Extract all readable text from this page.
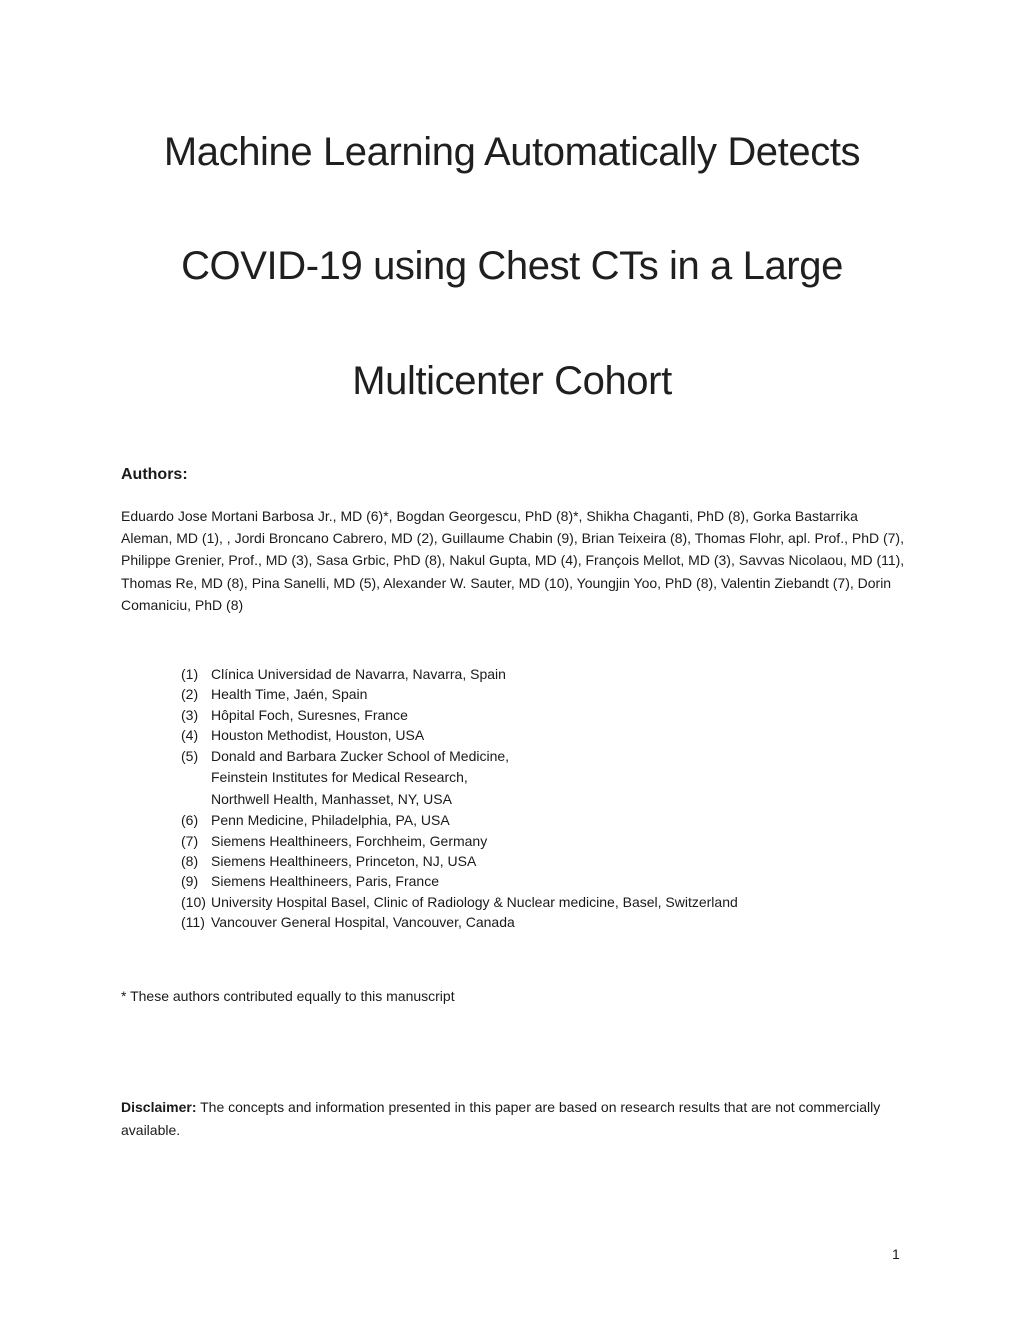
Machine Learning Automatically Detects
COVID-19 using Chest CTs in a Large
Multicenter Cohort

Authors:

Eduardo Jose Mortani Barbosa Jr., MD (6)*, Bogdan Georgescu, PhD (8)*, Shikha Chaganti, PhD (8), Gorka Bastarrika Aleman, MD (1), , Jordi Broncano Cabrero, MD (2), Guillaume Chabin (9), Brian Teixeira (8), Thomas Flohr, apl. Prof., PhD (7), Philippe Grenier, Prof., MD (3), Sasa Grbic, PhD (8), Nakul Gupta, MD (4), François Mellot, MD (3), Savvas Nicolaou, MD (11), Thomas Re, MD (8), Pina Sanelli, MD (5), Alexander W. Sauter, MD (10), Youngjin Yoo, PhD (8), Valentin Ziebandt (7), Dorin Comaniciu, PhD (8)

(1) Clínica Universidad de Navarra, Navarra, Spain
(2) Health Time, Jaén, Spain
(3) Hôpital Foch, Suresnes, France
(4) Houston Methodist, Houston, USA
(5) Donald and Barbara Zucker School of Medicine,
Feinstein Institutes for Medical Research,
Northwell Health, Manhasset, NY, USA
(6) Penn Medicine, Philadelphia, PA, USA
(7) Siemens Healthineers, Forchheim, Germany
(8) Siemens Healthineers, Princeton, NJ, USA
(9) Siemens Healthineers, Paris, France
(10) University Hospital Basel, Clinic of Radiology & Nuclear medicine, Basel, Switzerland
(11) Vancouver General Hospital, Vancouver, Canada

* These authors contributed equally to this manuscript

Disclaimer: The concepts and information presented in this paper are based on research results that are not commercially available.

1
